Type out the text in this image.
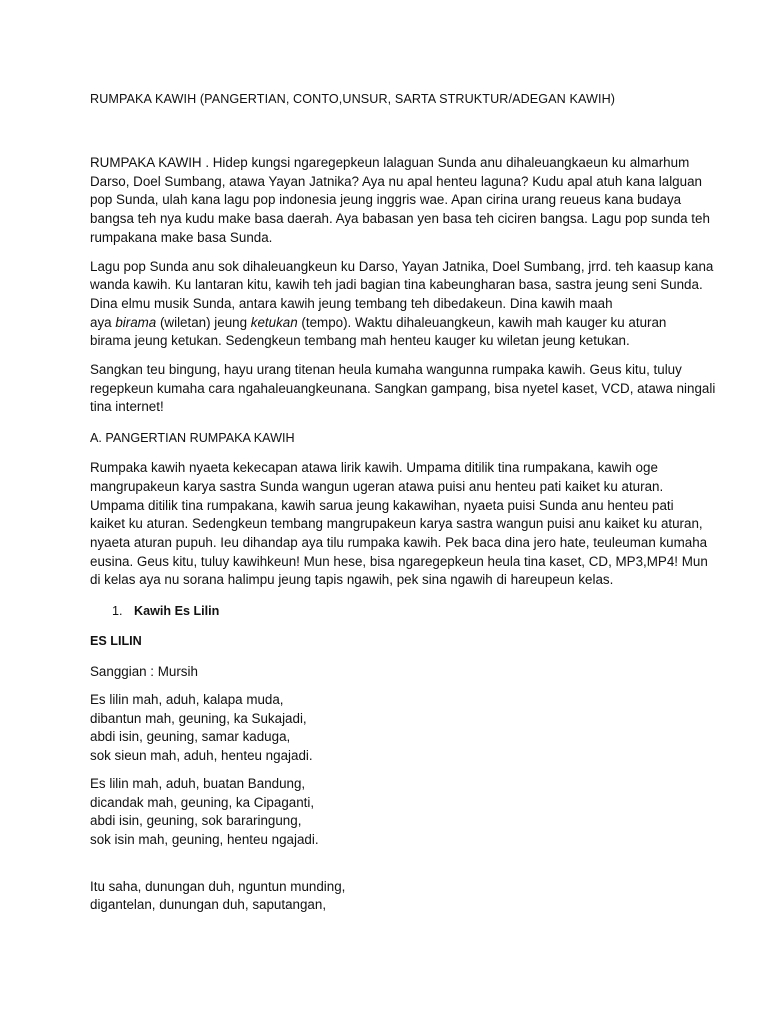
RUMPAKA KAWIH (PANGERTIAN, CONTO,UNSUR, SARTA STRUKTUR/ADEGAN KAWIH)
RUMPAKA KAWIH . Hidep kungsi ngaregepkeun lalaguan Sunda anu dihaleuangkaeun ku almarhum
Darso, Doel Sumbang, atawa Yayan Jatnika? Aya nu apal henteu laguna? Kudu apal atuh kana lalguan
pop Sunda, ulah kana lagu pop indonesia jeung inggris wae. Apan cirina urang reueus kana budaya
bangsa teh nya kudu make basa daerah. Aya babasan yen basa teh ciciren bangsa. Lagu pop sunda teh
rumpakana make basa Sunda.
Lagu pop Sunda anu sok dihaleuangkeun ku Darso, Yayan Jatnika, Doel Sumbang, jrrd. teh kaasup kana
wanda kawih. Ku lantaran kitu, kawih teh jadi bagian tina kabeungharan basa, sastra jeung seni Sunda.
Dina elmu musik Sunda, antara kawih jeung tembang teh dibedakeun. Dina kawih maah
aya birama (wiletan) jeung ketukan (tempo). Waktu dihaleuangkeun, kawih mah kauger ku aturan
birama jeung ketukan. Sedengkeun tembang mah henteu kauger ku wiletan jeung ketukan.
Sangkan teu bingung, hayu urang titenan heula kumaha wangunna rumpaka kawih. Geus kitu, tuluy
regepkeun kumaha cara ngahaleuangkeunana. Sangkan gampang, bisa nyetel kaset, VCD, atawa ningali
tina internet!
A. PANGERTIAN RUMPAKA KAWIH
Rumpaka kawih nyaeta kekecapan atawa lirik kawih. Umpama ditilik tina rumpakana, kawih oge
mangrupakeun karya sastra Sunda wangun ugeran atawa puisi anu henteu pati kaiket ku aturan.
Umpama ditilik tina rumpakana, kawih sarua jeung kakawihan, nyaeta puisi Sunda anu henteu pati
kaiket ku aturan. Sedengkeun tembang mangrupakeun karya sastra wangun puisi anu kaiket ku aturan,
nyaeta aturan pupuh. Ieu dihandap aya tilu rumpaka kawih. Pek baca dina jero hate, teuleuman kumaha
eusina. Geus kitu, tuluy kawihkeun! Mun hese, bisa ngaregepkeun heula tina kaset, CD, MP3,MP4! Mun
di kelas aya nu sorana halimpu jeung tapis ngawih, pek sina ngawih di hareupeun kelas.
1. Kawih Es Lilin
ES LILIN
Sanggian : Mursih
Es lilin mah, aduh, kalapa muda,
dibantun mah, geuning, ka Sukajadi,
abdi isin, geuning, samar kaduga,
sok sieun mah, aduh, henteu ngajadi.
Es lilin mah, aduh, buatan Bandung,
dicandak mah, geuning, ka Cipaganti,
abdi isin, geuning, sok bararingung,
sok isin mah, geuning, henteu ngajadi.
Itu saha, dunungan duh, nguntun munding,
digantelan, dunungan duh, saputangan,
